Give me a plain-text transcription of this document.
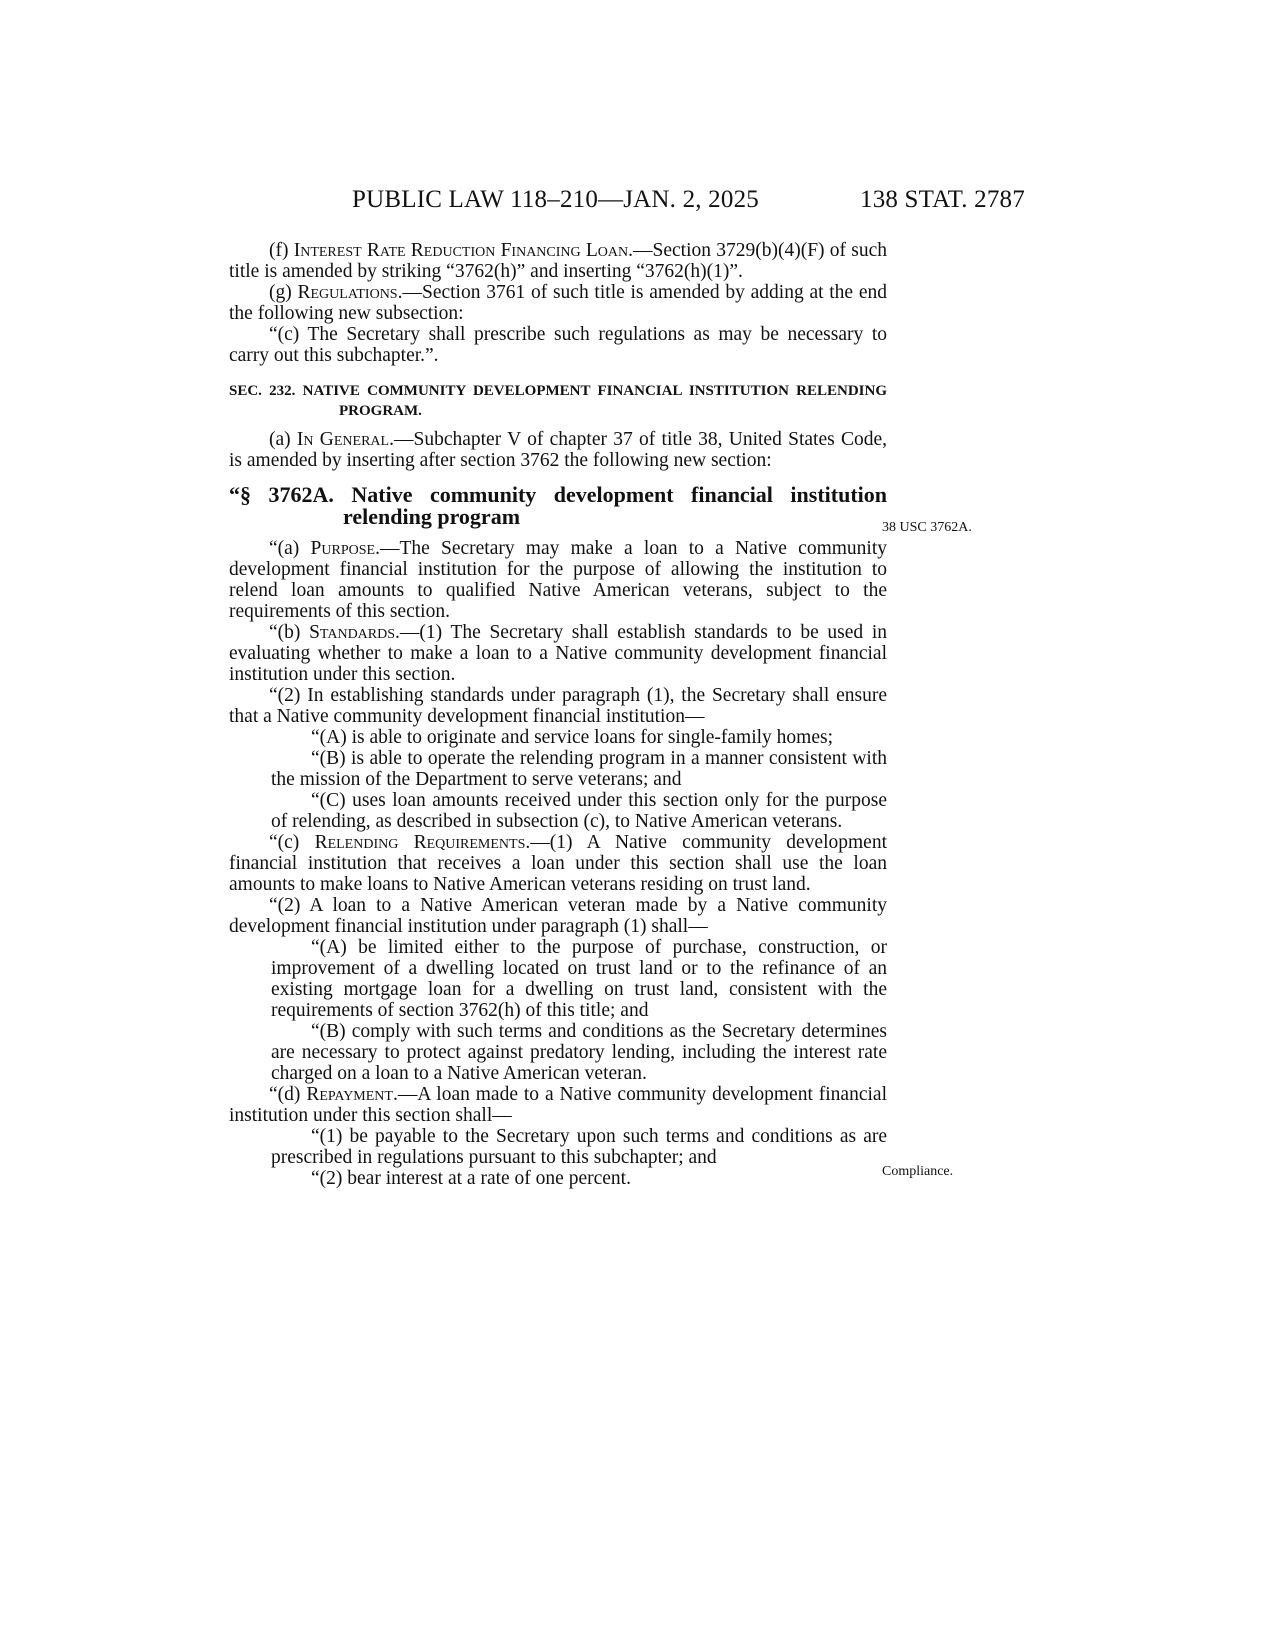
PUBLIC LAW 118–210—JAN. 2, 2025	138 STAT. 2787
38 USC 3762A.
Compliance.

(f) Interest Rate Reduction Financing Loan.—Section 3729(b)(4)(F) of such title is amended by striking “3762(h)” and inserting “3762(h)(1)”.

(g) Regulations.—Section 3761 of such title is amended by adding at the end the following new subsection:

“(c) The Secretary shall prescribe such regulations as may be necessary to carry out this subchapter.”.

SEC. 232. NATIVE COMMUNITY DEVELOPMENT FINANCIAL INSTITUTION RELENDING PROGRAM.

(a) In General.—Subchapter V of chapter 37 of title 38, United States Code, is amended by inserting after section 3762 the following new section:

“§ 3762A. Native community development financial institution relending program

“(a) Purpose.—The Secretary may make a loan to a Native community development financial institution for the purpose of allowing the institution to relend loan amounts to qualified Native American veterans, subject to the requirements of this section.

“(b) Standards.—(1) The Secretary shall establish standards to be used in evaluating whether to make a loan to a Native community development financial institution under this section.

“(2) In establishing standards under paragraph (1), the Secretary shall ensure that a Native community development financial institution—

“(A) is able to originate and service loans for single-family homes;

“(B) is able to operate the relending program in a manner consistent with the mission of the Department to serve veterans; and

“(C) uses loan amounts received under this section only for the purpose of relending, as described in subsection (c), to Native American veterans.

“(c) Relending Requirements.—(1) A Native community development financial institution that receives a loan under this section shall use the loan amounts to make loans to Native American veterans residing on trust land.

“(2) A loan to a Native American veteran made by a Native community development financial institution under paragraph (1) shall—

“(A) be limited either to the purpose of purchase, construction, or improvement of a dwelling located on trust land or to the refinance of an existing mortgage loan for a dwelling on trust land, consistent with the requirements of section 3762(h) of this title; and

“(B) comply with such terms and conditions as the Secretary determines are necessary to protect against predatory lending, including the interest rate charged on a loan to a Native American veteran.

“(d) Repayment.—A loan made to a Native community development financial institution under this section shall—

“(1) be payable to the Secretary upon such terms and conditions as are prescribed in regulations pursuant to this subchapter; and

“(2) bear interest at a rate of one percent.
